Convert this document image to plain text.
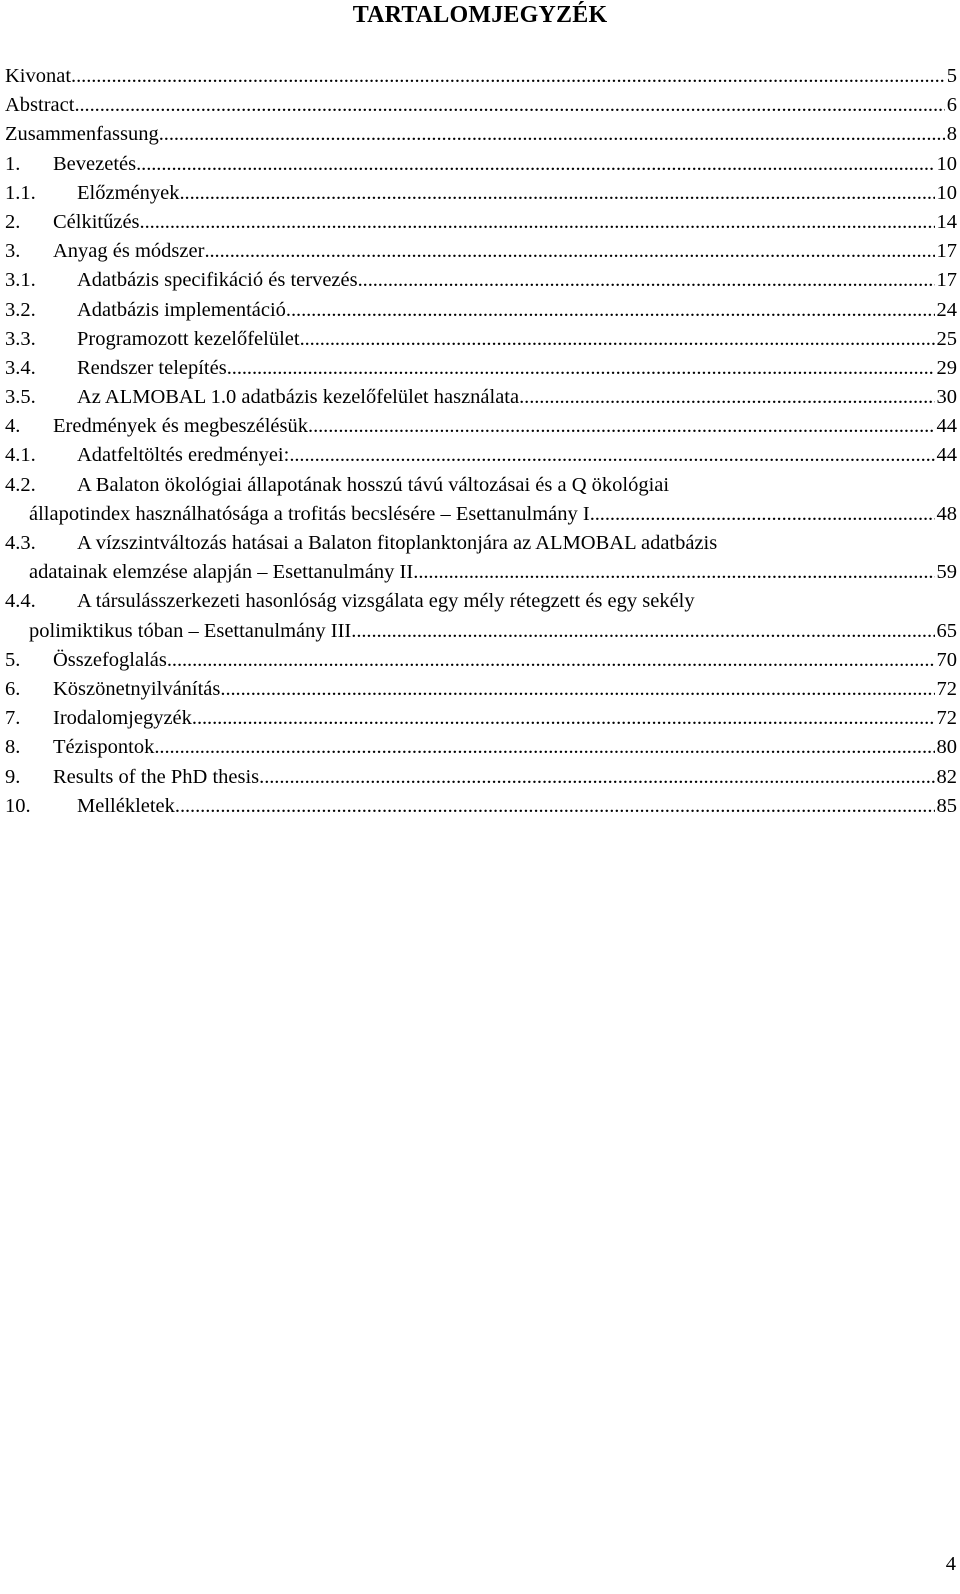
TARTALOMJEGYZÉK
Kivonat . . .	5
Abstract . . .	6
Zusammenfassung . . .	8
1.	Bevezetés . . .	10
1.1.	Előzmények . . .	10
2.	Célkitűzés . . .	14
3.	Anyag és módszer . . .	17
3.1.	Adatbázis specifikáció és tervezés . . .	17
3.2.	Adatbázis implementáció . . .	24
3.3.	Programozott kezelőfelület . . .	25
3.4.	Rendszer telepítés . . .	29
3.5.	Az ALMOBAL 1.0 adatbázis kezelőfelület használata . . .	30
4.	Eredmények és megbeszélésük . . .	44
4.1.	Adatfeltöltés eredményei: . . .	44
4.2.	A Balaton ökológiai állapotának hosszú távú változásai és a Q ökológiai
állapotindex használhatósága a trofitás becslésére – Esettanulmány I . . .	48
4.3.	A vízszintváltozás hatásai a Balaton fitoplanktonjára az ALMOBAL adatbázis
adatainak elemzése alapján – Esettanulmány II. . . .	59
4.4.	A társulásszerkezeti hasonlóság vizsgálata egy mély rétegzett és egy sekély
polimiktikus tóban – Esettanulmány III . . .	65
5.	Összefoglalás . . .	70
6.	Köszönetnyilvánítás . . .	72
7.	Irodalomjegyzék . . .	72
8.	Tézispontok . . .	80
9.	Results of the PhD thesis . . .	82
10.	Mellékletek . . .	85
4
